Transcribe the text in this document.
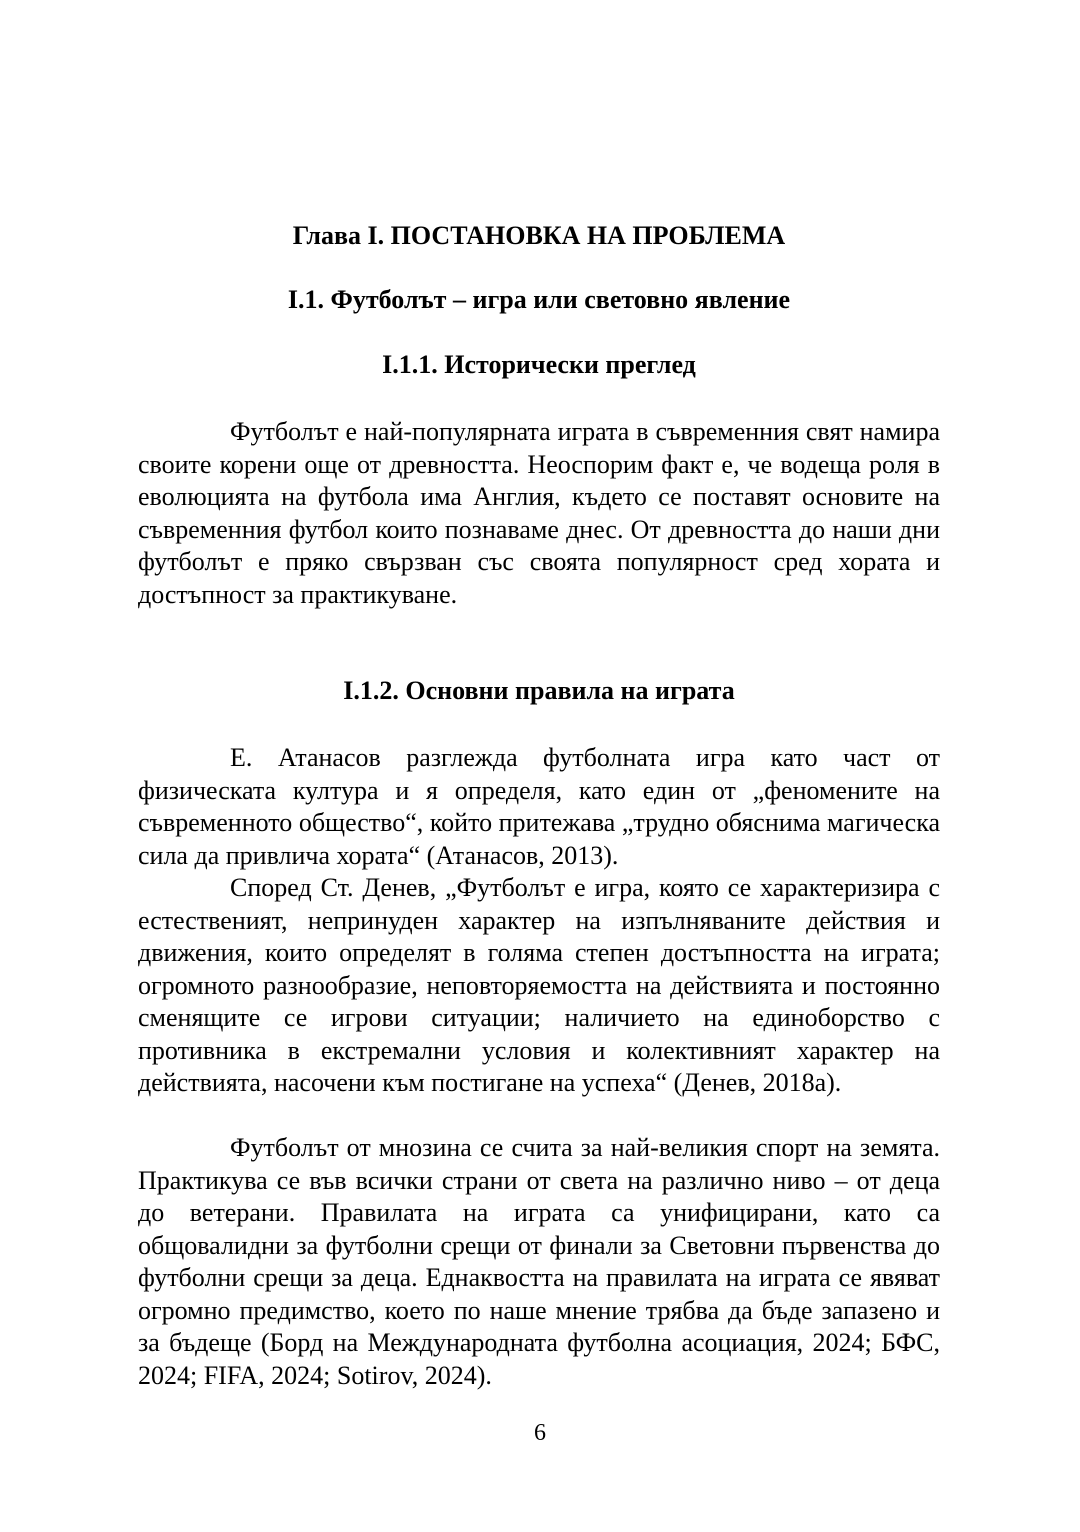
Глава I. ПОСТАНОВКА НА ПРОБЛЕМА
I.1. Футболът – игра или световно явление
I.1.1. Исторически преглед

Футболът е най-популярната играта в съвременния свят намира своите корени още от древността. Неоспорим факт е, че водеща роля в еволюцията на футбола има Англия, където се поставят основите на съвременния футбол които познаваме днес. От древността до наши дни футболът е пряко свързван със своята популярност сред хората и достъпност за практикуване.

I.1.2. Основни правила на играта

Е. Атанасов разглежда футболната игра като част от физическата култура и я определя, като един от „феномените на съвременното общество“, който притежава „трудно обяснима магическа сила да привлича хората“ (Атанасов, 2013).

Според Ст. Денев, „Футболът е игра, която се характеризира с естественият, непринуден характер на изпълняваните действия и движения, които определят в голяма степен достъпността на играта; огромното разнообразие, неповторяемостта на действията и постоянно сменящите се игрови ситуации; наличието на единоборство с противника в екстремални условия и колективният характер на действията, насочени към постигане на успеха“ (Денев, 2018а).

Футболът от мнозина се счита за най-великия спорт на земята. Практикува се във всички страни от света на различно ниво – от деца до ветерани. Правилата на играта са унифицирани, като са общовалидни за футболни срещи от финали за Световни първенства до футболни срещи за деца. Еднаквостта на правилата на играта се явяват огромно предимство, което по наше мнение трябва да бъде запазено и за бъдеще (Борд на Международната футболна асоциация, 2024; БФС, 2024; FIFA, 2024; Sotirov, 2024).

6
